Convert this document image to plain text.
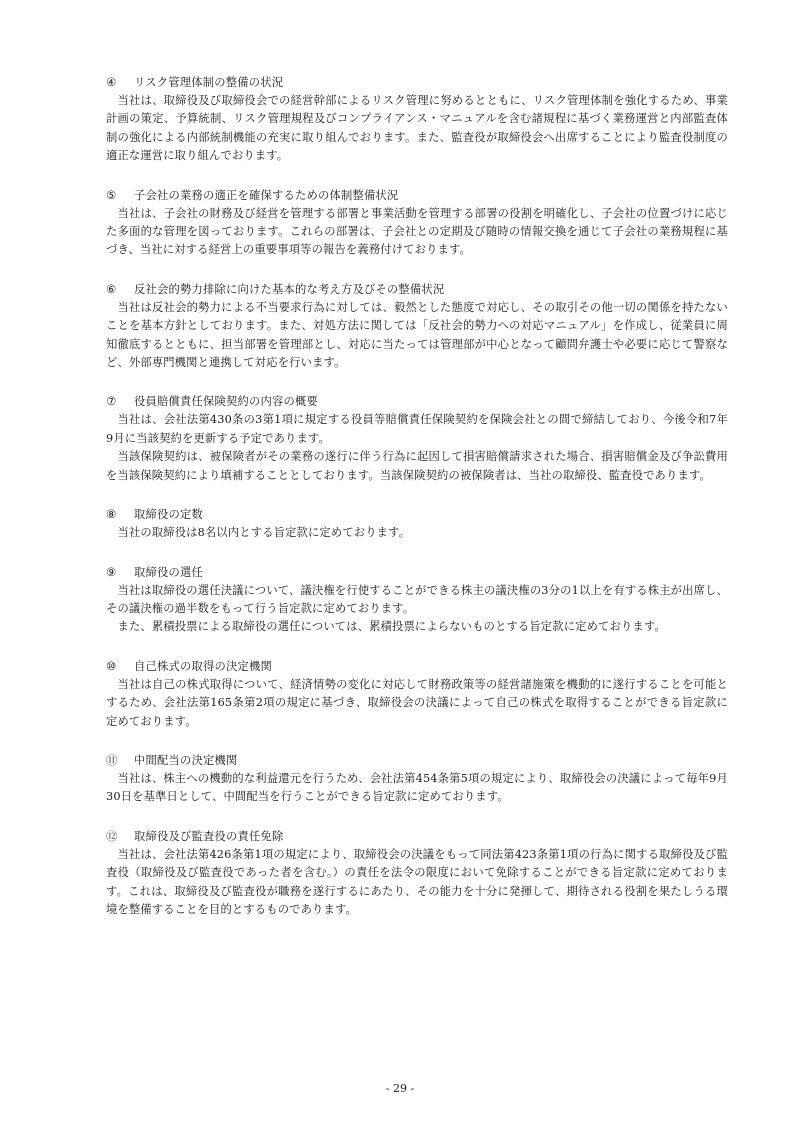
④ リスク管理体制の整備の状況

当社は、取締役及び取締役会での経営幹部によるリスク管理に努めるとともに、リスク管理体制を強化するため、事業計画の策定、予算統制、リスク管理規程及びコンプライアンス・マニュアルを含む諸規程に基づく業務運営と内部監査体制の強化による内部統制機能の充実に取り組んでおります。また、監査役が取締役会へ出席することにより監査役制度の適正な運営に取り組んでおります。

⑤ 子会社の業務の適正を確保するための体制整備状況

当社は、子会社の財務及び経営を管理する部署と事業活動を管理する部署の役割を明確化し、子会社の位置づけに応じた多面的な管理を図っております。これらの部署は、子会社との定期及び随時の情報交換を通じて子会社の業務規程に基づき、当社に対する経営上の重要事項等の報告を義務付けております。

⑥ 反社会的勢力排除に向けた基本的な考え方及びその整備状況

当社は反社会的勢力による不当要求行為に対しては、毅然とした態度で対応し、その取引その他一切の関係を持たないことを基本方針としております。また、対処方法に関しては「反社会的勢力への対応マニュアル」を作成し、従業員に周知徹底するとともに、担当部署を管理部とし、対応に当たっては管理部が中心となって顧問弁護士や必要に応じて警察など、外部専門機関と連携して対応を行います。

⑦ 役員賠償責任保険契約の内容の概要

当社は、会社法第430条の3第1項に規定する役員等賠償責任保険契約を保険会社との間で締結しており、今後令和7年9月に当該契約を更新する予定であります。

当該保険契約は、被保険者がその業務の遂行に伴う行為に起因して損害賠償請求された場合、損害賠償金及び争訟費用を当該保険契約により填補することとしております。当該保険契約の被保険者は、当社の取締役、監査役であります。

⑧ 取締役の定数

当社の取締役は8名以内とする旨定款に定めております。

⑨ 取締役の選任

当社は取締役の選任決議について、議決権を行使することができる株主の議決権の3分の1以上を有する株主が出席し、その議決権の過半数をもって行う旨定款に定めております。

また、累積投票による取締役の選任については、累積投票によらないものとする旨定款に定めております。

⑩ 自己株式の取得の決定機関

当社は自己の株式取得について、経済情勢の変化に対応して財務政策等の経営諸施策を機動的に遂行することを可能とするため、会社法第165条第2項の規定に基づき、取締役会の決議によって自己の株式を取得することができる旨定款に定めております。

⑪ 中間配当の決定機関

当社は、株主への機動的な利益還元を行うため、会社法第454条第5項の規定により、取締役会の決議によって毎年9月30日を基準日として、中間配当を行うことができる旨定款に定めております。

⑫ 取締役及び監査役の責任免除

当社は、会社法第426条第1項の規定により、取締役会の決議をもって同法第423条第1項の行為に関する取締役及び監査役（取締役及び監査役であった者を含む。）の責任を法令の限度において免除することができる旨定款に定めております。これは、取締役及び監査役が職務を遂行するにあたり、その能力を十分に発揮して、期待される役割を果たしうる環境を整備することを目的とするものであります。

- 29 -
